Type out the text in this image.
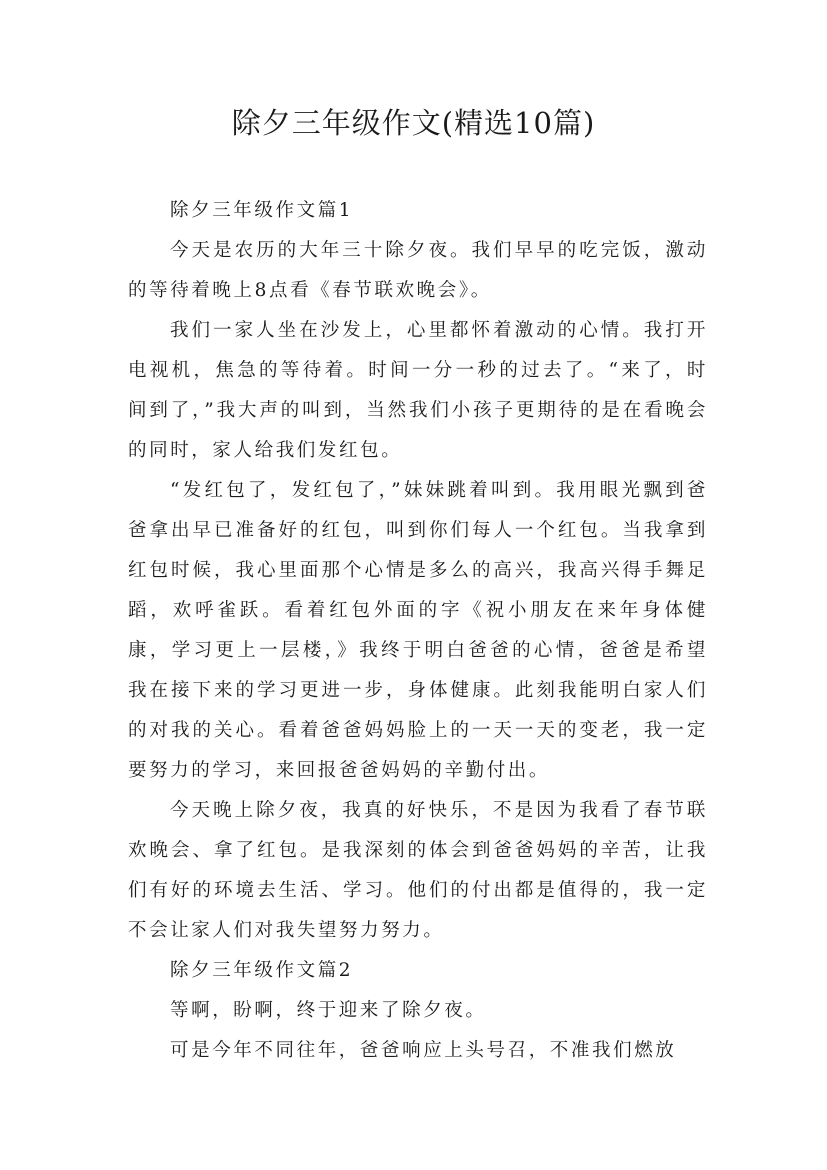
除夕三年级作文(精选10篇)

除夕三年级作文篇1

今天是农历的大年三十除夕夜。我们早早的吃完饭，激动的等待着晚上8点看《春节联欢晚会》。

我们一家人坐在沙发上，心里都怀着激动的心情。我打开电视机，焦急的等待着。时间一分一秒的过去了。“来了，时间到了，”我大声的叫到，当然我们小孩子更期待的是在看晚会的同时，家人给我们发红包。

“发红包了，发红包了，”妹妹跳着叫到。我用眼光飘到爸爸拿出早已准备好的红包，叫到你们每人一个红包。当我拿到红包时候，我心里面那个心情是多么的高兴，我高兴得手舞足蹈，欢呼雀跃。看着红包外面的字《祝小朋友在来年身体健康，学习更上一层楼，》我终于明白爸爸的心情，爸爸是希望我在接下来的学习更进一步，身体健康。此刻我能明白家人们的对我的关心。看着爸爸妈妈脸上的一天一天的变老，我一定要努力的学习，来回报爸爸妈妈的辛勤付出。

今天晚上除夕夜，我真的好快乐，不是因为我看了春节联欢晚会、拿了红包。是我深刻的体会到爸爸妈妈的辛苦，让我们有好的环境去生活、学习。他们的付出都是值得的，我一定不会让家人们对我失望努力努力。

除夕三年级作文篇2

等啊，盼啊，终于迎来了除夕夜。

可是今年不同往年，爸爸响应上头号召，不准我们燃放
